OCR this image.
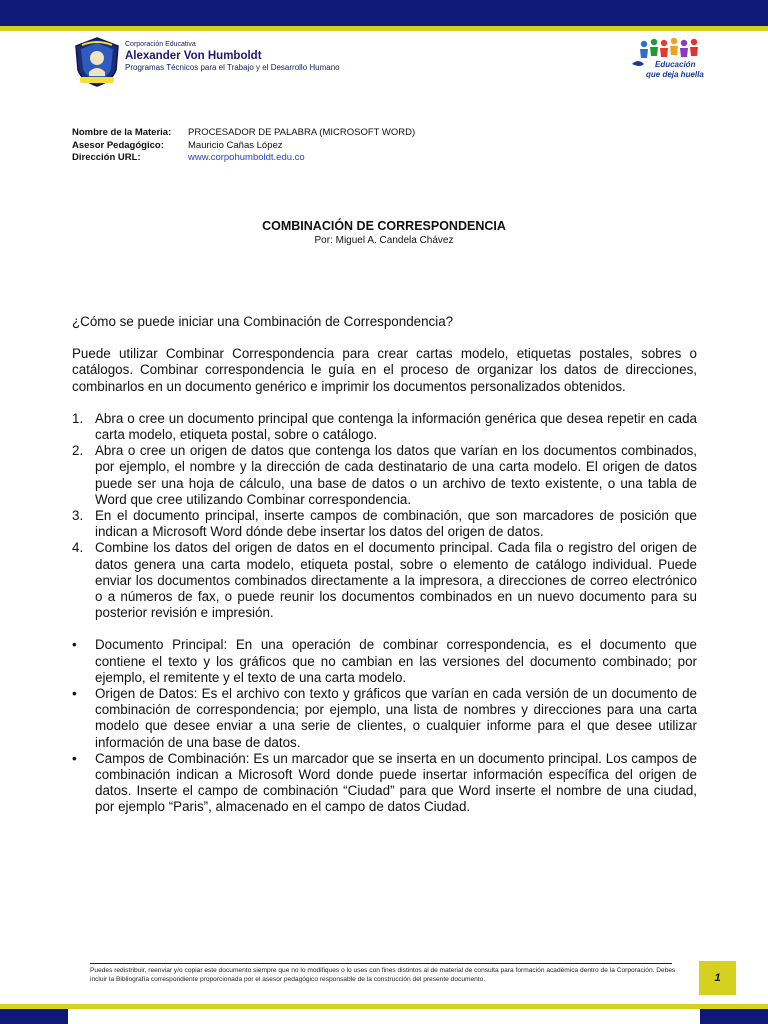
Corporación Educativa
Alexander Von Humboldt
Programas Técnicos para el Trabajo y el Desarrollo Humano	Educación
que deja huella
Nombre de la Materia:	PROCESADOR DE PALABRA (MICROSOFT WORD)
Asesor Pedagógico:	Mauricio Cañas López
Dirección URL:	www.corpohumboldt.edu.co
COMBINACIÓN DE CORRESPONDENCIA
Por: Miguel A. Candela Chávez

¿Cómo se puede iniciar una Combinación de Correspondencia?

Puede utilizar Combinar Correspondencia para crear cartas modelo, etiquetas postales, sobres o catálogos. Combinar correspondencia le guía en el proceso de organizar los datos de direcciones, combinarlos en un documento genérico e imprimir los documentos personalizados obtenidos.

1. Abra o cree un documento principal que contenga la información genérica que desea repetir en cada carta modelo, etiqueta postal, sobre o catálogo.
2. Abra o cree un origen de datos que contenga los datos que varían en los documentos combinados, por ejemplo, el nombre y la dirección de cada destinatario de una carta modelo. El origen de datos puede ser una hoja de cálculo, una base de datos o un archivo de texto existente, o una tabla de Word que cree utilizando Combinar correspondencia.
3. En el documento principal, inserte campos de combinación, que son marcadores de posición que indican a Microsoft Word dónde debe insertar los datos del origen de datos.
4. Combine los datos del origen de datos en el documento principal. Cada fila o registro del origen de datos genera una carta modelo, etiqueta postal, sobre o elemento de catálogo individual. Puede enviar los documentos combinados directamente a la impresora, a direcciones de correo electrónico o a números de fax, o puede reunir los documentos combinados en un nuevo documento para su posterior revisión e impresión.
•	Documento Principal: En una operación de combinar correspondencia, es el documento que contiene el texto y los gráficos que no cambian en las versiones del documento combinado; por ejemplo, el remitente y el texto de una carta modelo.
•	Origen de Datos: Es el archivo con texto y gráficos que varían en cada versión de un documento de combinación de correspondencia; por ejemplo, una lista de nombres y direcciones para una carta modelo que desee enviar a una serie de clientes, o cualquier informe para el que desee utilizar información de una base de datos.
•	Campos de Combinación: Es un marcador que se inserta en un documento principal. Los campos de combinación indican a Microsoft Word donde puede insertar información específica del origen de datos. Inserte el campo de combinación “Ciudad” para que Word inserte el nombre de una ciudad, por ejemplo “Paris”, almacenado en el campo de datos Ciudad.
Puedes redistribuir, reenviar y/o copiar este documento siempre que no lo modifiques o lo uses con fines distintos al de material de consulta para formación académica dentro de la Corporación. Debes incluir la Bibliografía correspondiente proporcionada por el asesor pedagógico responsable de la construcción del presente documento.	1
